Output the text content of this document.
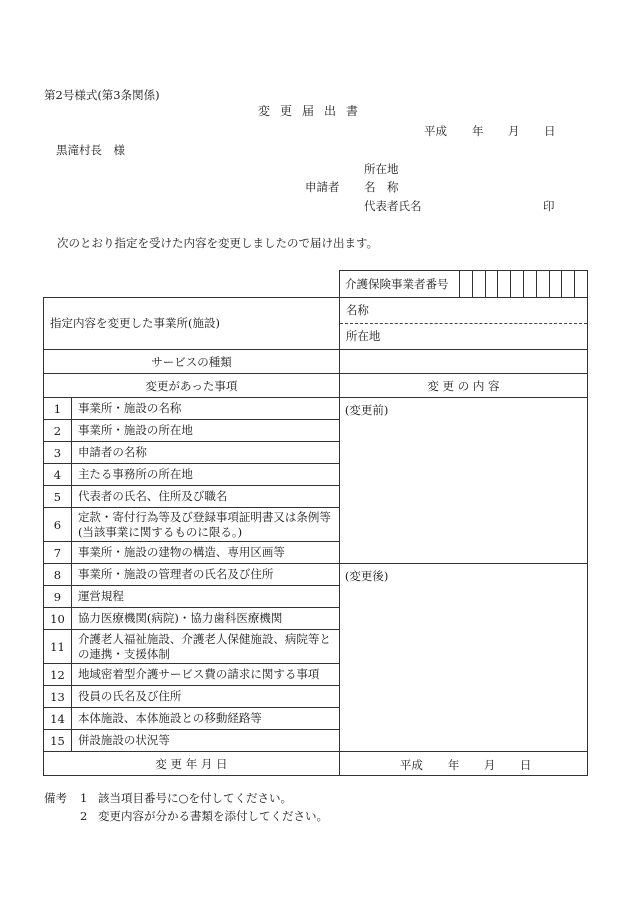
第2号様式(第3条関係)
変更届出書
平成 年 月 日
黒滝村長　様
所在地
申請者 名　称
代表者氏名	印
次のとおり指定を受けた内容を変更しましたので届け出ます。
介護保険事業者番号										
指定内容を変更した事業所(施設)		名称
		所在地
サービスの種類		
変更があった事項		変 更 の 内 容
1	事業所・施設の名称	(変更前)
2	事業所・施設の所在地	
3	申請者の名称	
4	主たる事務所の所在地	
5	代表者の氏名、住所及び職名	
6	定款・寄付行為等及び登録事項証明書又は条例等(当該事業に関するものに限る。)	
7	事業所・施設の建物の構造、専用区画等	
8	事業所・施設の管理者の氏名及び住所	(変更後)
9	運営規程	
10	協力医療機関(病院)・協力歯科医療機関	
11	介護老人福祉施設、介護老人保健施設、病院等との連携・支援体制	
12	地域密着型介護サービス費の請求に関する事項	
13	役員の氏名及び住所	
14	本体施設、本体施設との移動経路等	
15	併設施設の状況等	
変 更 年 月 日		平成 年 月 日
備考 1 該当項目番号に○を付してください。
2 変更内容が分かる書類を添付してください。
